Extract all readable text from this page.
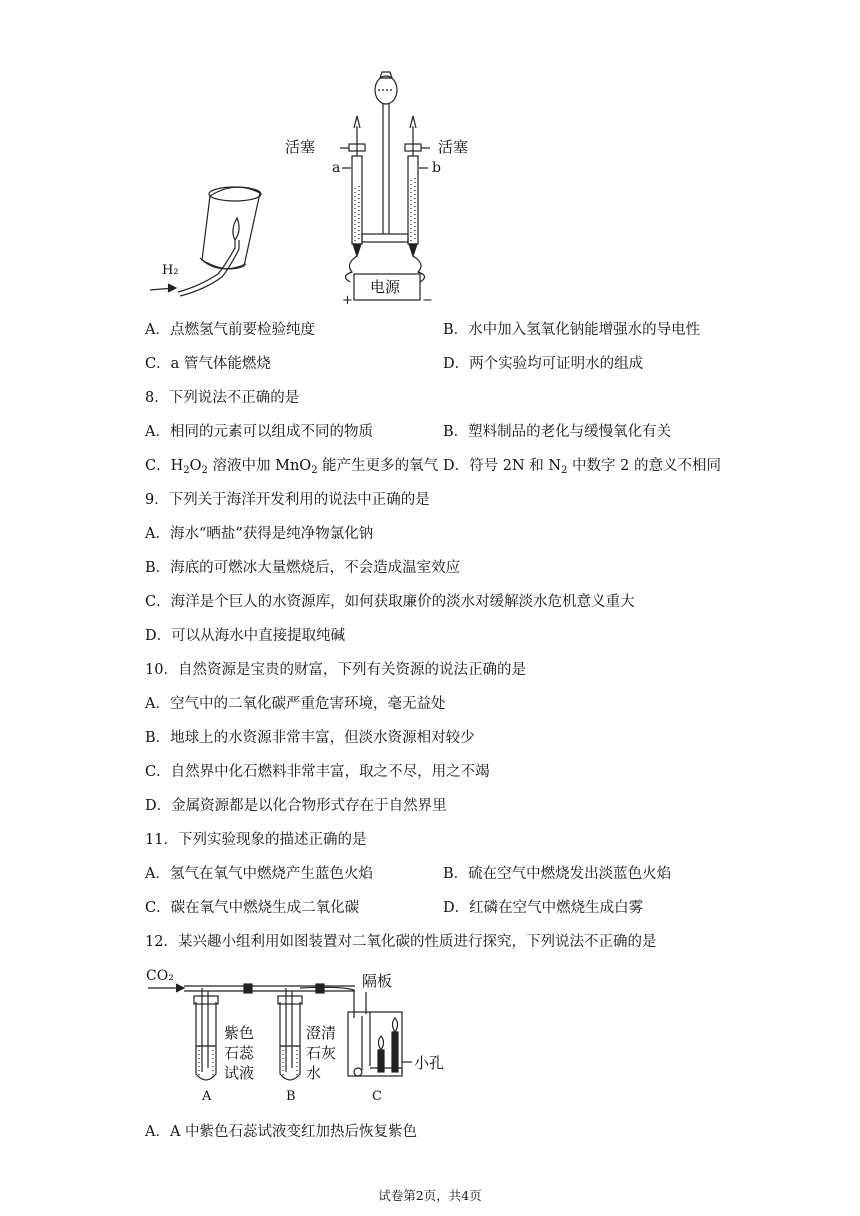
活塞	活塞
a	b
H₂
电源
+	−
A．点燃氢气前要检验纯度	B．水中加入氢氧化钠能增强水的导电性
C．a 管气体能燃烧	D．两个实验均可证明水的组成
8．下列说法不正确的是
A．相同的元素可以组成不同的物质	B．塑料制品的老化与缓慢氧化有关
C．$H_2O_2$ 溶液中加 MnO$_2$ 能产生更多的氧气 D．符号 2N 和 $N_2$ 中数字 2 的意义不相同
9．下列关于海洋开发利用的说法中正确的是
A．海水“晒盐”获得是纯净物氯化钠
B．海底的可燃冰大量燃烧后，不会造成温室效应
C．海洋是个巨人的水资源库，如何获取廉价的淡水对缓解淡水危机意义重大
D．可以从海水中直接提取纯碱
10．自然资源是宝贵的财富，下列有关资源的说法正确的是
A．空气中的二氧化碳严重危害环境，毫无益处
B．地球上的水资源非常丰富，但淡水资源相对较少
C．自然界中化石燃料非常丰富，取之不尽，用之不竭
D．金属资源都是以化合物形式存在于自然界里
11．下列实验现象的描述正确的是
A．氢气在氧气中燃烧产生蓝色火焰	B．硫在空气中燃烧发出淡蓝色火焰
C．碳在氧气中燃烧生成二氧化碳	D．红磷在空气中燃烧生成白雾
12．某兴趣小组利用如图装置对二氧化碳的性质进行探究，下列说法不正确的是
CO₂
紫色
石蕊
试液
澄清
石灰
水
隔板
小孔
A	B	C
A．A 中紫色石蕊试液变红加热后恢复紫色
试卷第2页，共4页
